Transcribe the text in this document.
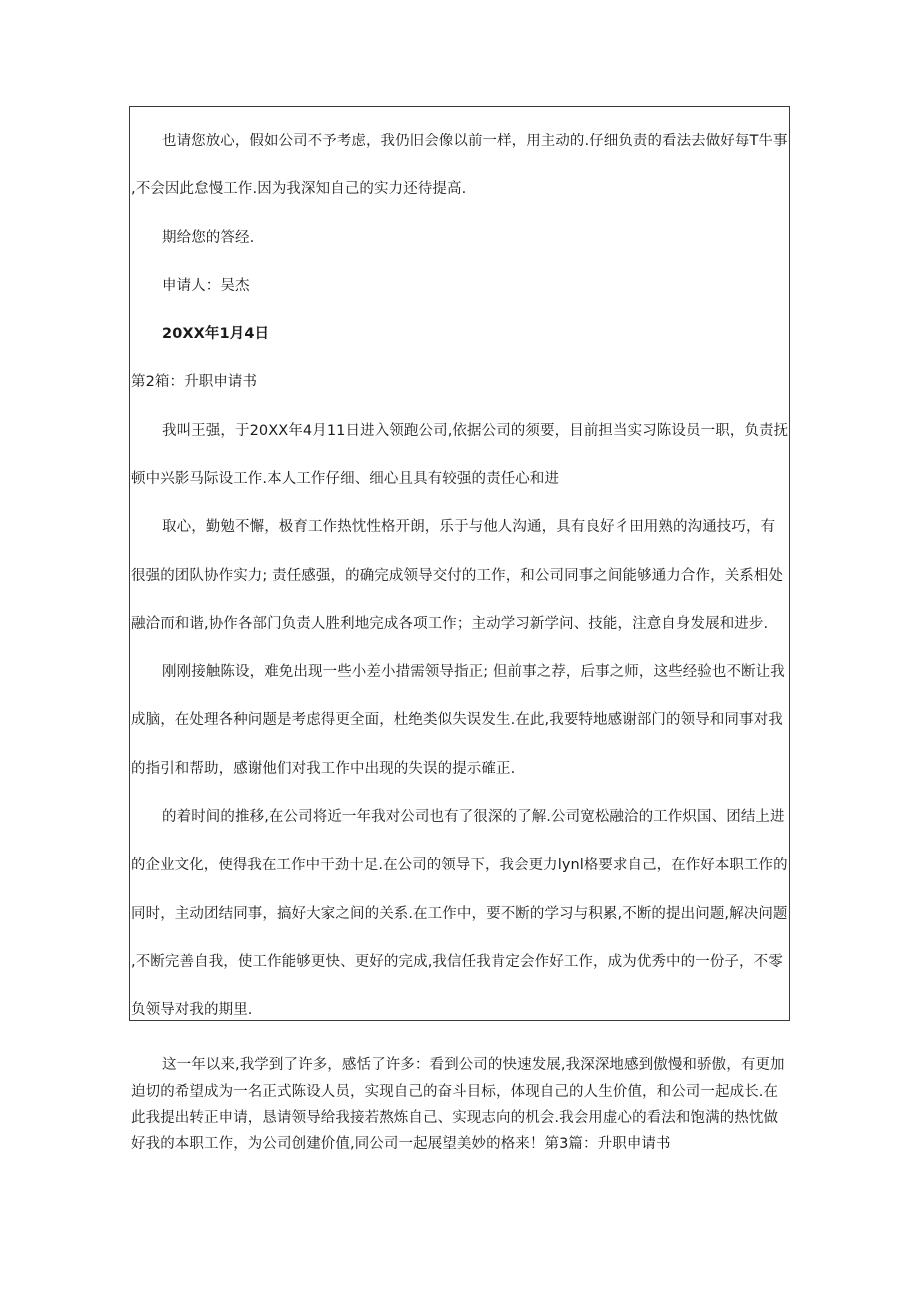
也请您放心，假如公司不予考虑，我仍旧会像以前一样，用主动的.仔细负责的看法去做好每T牛事
,不会因此怠慢工作.因为我深知自己的实力还待提高.
期给您的答经.
申请人：吴杰
20XX年1月4日
第2箱：升职申请书
我叫王强，于20XX年4月11日进入领跑公司,依据公司的须要，目前担当实习陈设员一职，负责抚
顿中兴影马际设工作.本人工作仔细、细心且具有较强的责任心和进
取心，勤勉不懈，极育工作热忱性格开朗，乐于与他人沟通，具有良好彳田用熟的沟通技巧，有
很强的团队协作实力; 责任感强，的确完成领导交付的工作，和公司同事之间能够通力合作，关系相处
融洽而和谐,协作各部门负责人胜利地完成各项工作；主动学习新学问、技能，注意自身发展和进步.
刚刚接触陈设，难免出现一些小差小措需领导指正; 但前事之荐，后事之师，这些经验也不断让我
成脑，在处理各种问题是考虑得更全面，杜绝类似失误发生.在此,我要特地感谢部门的领导和同事对我
的指引和帮助，感谢他们对我工作中出现的失误的提示確正.
的着时间的推移,在公司将近一年我对公司也有了很深的了解.公司宽松融洽的工作炽国、团结上进
的企业文化，使得我在工作中干劲十足.在公司的领导下，我会更力lynl格要求自己，在作好本职工作的
同时，主动团结同事，搞好大家之间的关系.在工作中，要不断的学习与积累,不断的提出问题,解决问题
,不断完善自我，使工作能够更快、更好的完成,我信任我肯定会作好工作，成为优秀中的一份子，不零
负领导对我的期里.
这一年以来,我学到了许多，感恬了许多：看到公司的快速发展,我深深地感到傲慢和骄傲，有更加
迫切的希望成为一名正式陈设人员，实现自己的奋斗目标，体现自己的人生价值，和公司一起成长.在
此我提出转正申请，恳请领导给我接若熬炼自己、实现志向的机会.我会用虚心的看法和饱满的热忱做
好我的本职工作，为公司创建价值,同公司一起展望美妙的格来！第3篇：升职申请书
